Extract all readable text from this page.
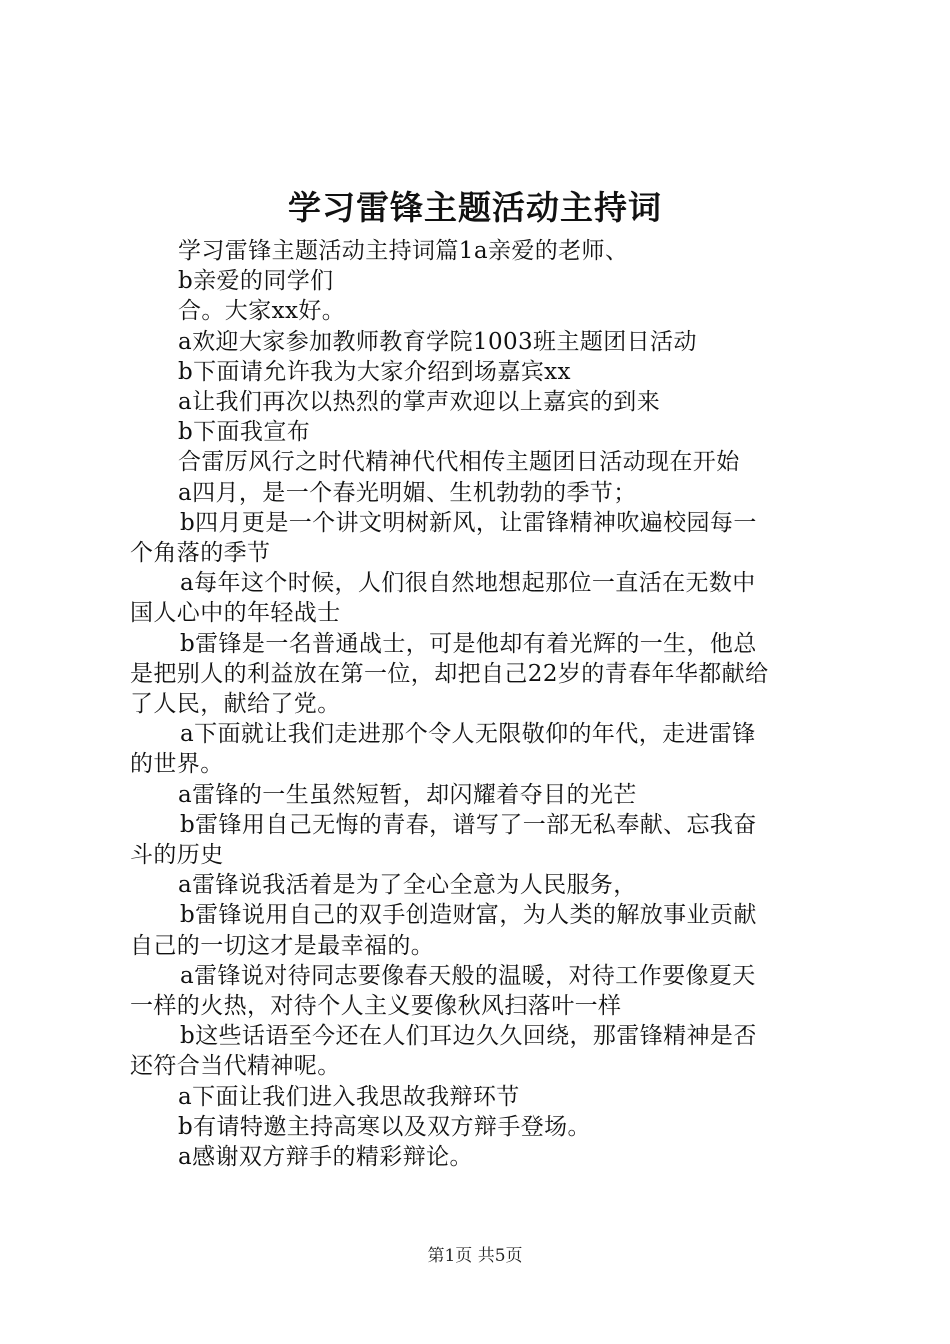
学习雷锋主题活动主持词

学习雷锋主题活动主持词篇1a亲爱的老师、

b亲爱的同学们

合。大家xx好。

a欢迎大家参加教师教育学院1003班主题团日活动

b下面请允许我为大家介绍到场嘉宾xx

a让我们再次以热烈的掌声欢迎以上嘉宾的到来

b下面我宣布

合雷厉风行之时代精神代代相传主题团日活动现在开始

a四月，是一个春光明媚、生机勃勃的季节；

b四月更是一个讲文明树新风，让雷锋精神吹遍校园每一

个角落的季节

a每年这个时候，人们很自然地想起那位一直活在无数中

国人心中的年轻战士

b雷锋是一名普通战士，可是他却有着光辉的一生，他总

是把别人的利益放在第一位，却把自己22岁的青春年华都献给

了人民，献给了党。

a下面就让我们走进那个令人无限敬仰的年代，走进雷锋

的世界。

a雷锋的一生虽然短暂，却闪耀着夺目的光芒

b雷锋用自己无悔的青春，谱写了一部无私奉献、忘我奋

斗的历史

a雷锋说我活着是为了全心全意为人民服务，

b雷锋说用自己的双手创造财富，为人类的解放事业贡献

自己的一切这才是最幸福的。

a雷锋说对待同志要像春天般的温暖，对待工作要像夏天

一样的火热，对待个人主义要像秋风扫落叶一样

b这些话语至今还在人们耳边久久回绕，那雷锋精神是否

还符合当代精神呢。

a下面让我们进入我思故我辩环节

b有请特邀主持高寒以及双方辩手登场。

a感谢双方辩手的精彩辩论。

第1页 共5页
